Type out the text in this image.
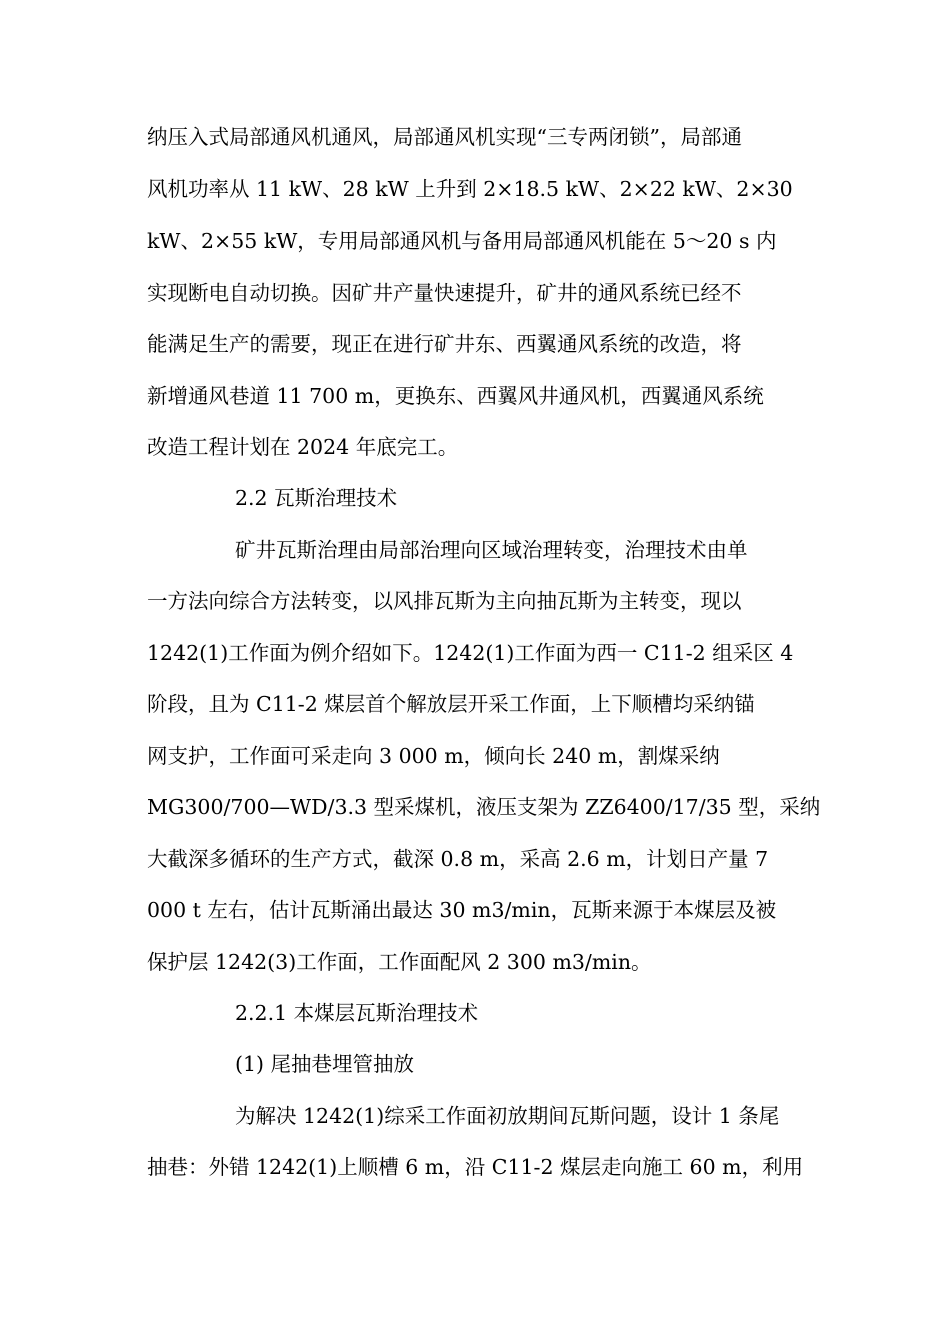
纳压入式局部通风机通风，局部通风机实现“三专两闭锁”，局部通
风机功率从 11 kW、28 kW 上升到 2×18.5 kW、2×22 kW、2×30
kW、2×55 kW，专用局部通风机与备用局部通风机能在 5～20 s 内
实现断电自动切换。因矿井产量快速提升，矿井的通风系统已经不
能满足生产的需要，现正在进行矿井东、西翼通风系统的改造，将
新增通风巷道 11 700 m，更换东、西翼风井通风机，西翼通风系统
改造工程计划在 2024 年底完工。
2.2 瓦斯治理技术
矿井瓦斯治理由局部治理向区域治理转变，治理技术由单
一方法向综合方法转变，以风排瓦斯为主向抽瓦斯为主转变，现以
1242(1)工作面为例介绍如下。1242(1)工作面为西一 C11-2 组采区 4
阶段，且为 C11-2 煤层首个解放层开采工作面，上下顺槽均采纳锚
网支护，工作面可采走向 3 000 m，倾向长 240 m，割煤采纳
MG300/700—WD/3.3 型采煤机，液压支架为 ZZ6400/17/35 型，采纳
大截深多循环的生产方式，截深 0.8 m，采高 2.6 m，计划日产量 7
000 t 左右，估计瓦斯涌出最达 30 m3/min，瓦斯来源于本煤层及被
保护层 1242(3)工作面，工作面配风 2 300 m3/min。
2.2.1 本煤层瓦斯治理技术
(1) 尾抽巷埋管抽放
为解决 1242(1)综采工作面初放期间瓦斯问题，设计 1 条尾
抽巷：外错 1242(1)上顺槽 6 m，沿 C11-2 煤层走向施工 60 m，利用
